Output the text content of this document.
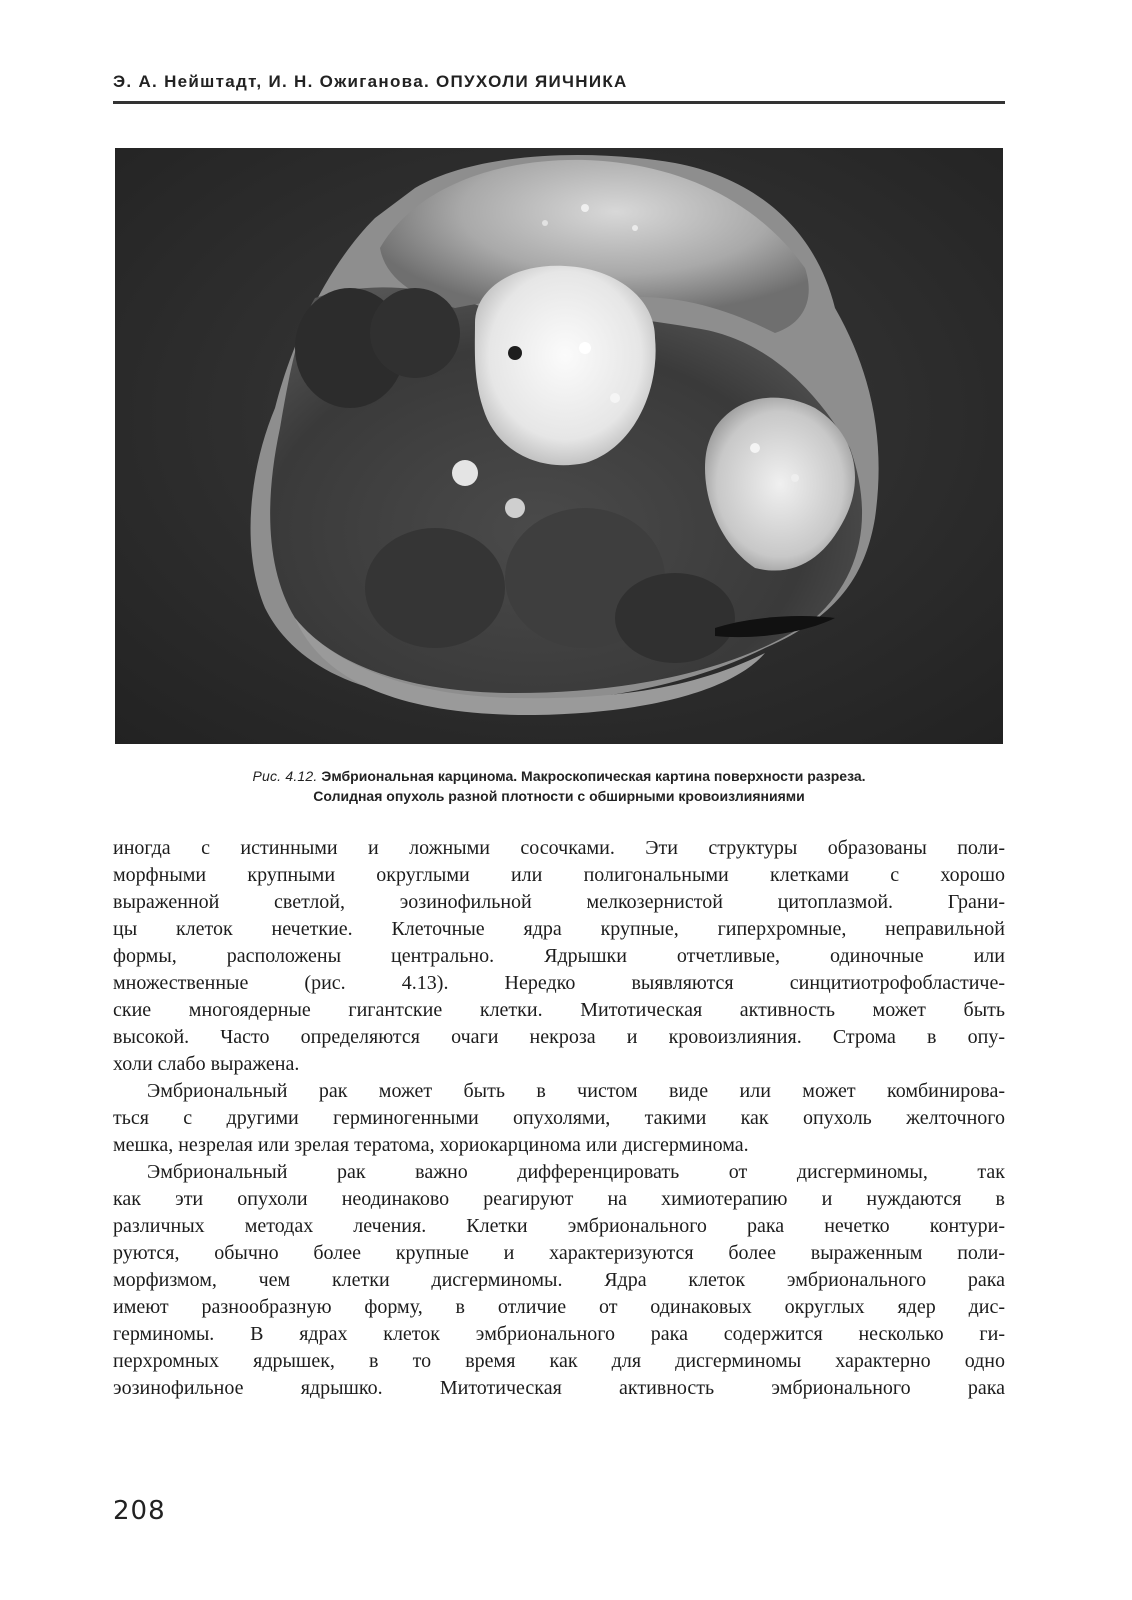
Э. А. Нейштадт, И. Н. Ожиганова. ОПУХОЛИ ЯИЧНИКА
Рис. 4.12. Эмбриональная карцинома. Макроскопическая картина поверхности разреза.
Солидная опухоль разной плотности с обширными кровоизлияниями
иногда с истинными и ложными сосочками. Эти структуры образованы поли-
морфными крупными округлыми или полигональными клетками с хорошо
выраженной светлой, эозинофильной мелкозернистой цитоплазмой. Грани-
цы клеток нечеткие. Клеточные ядра крупные, гиперхромные, неправильной
формы, расположены центрально. Ядрышки отчетливые, одиночные или
множественные (рис. 4.13). Нередко выявляются синцитиотрофобластиче-
ские многоядерные гигантские клетки. Митотическая активность может быть
высокой. Часто определяются очаги некроза и кровоизлияния. Строма в опу-
холи слабо выражена.
Эмбриональный рак может быть в чистом виде или может комбинирова-
ться с другими герминогенными опухолями, такими как опухоль желточного
мешка, незрелая или зрелая тератома, хориокарцинома или дисгерминома.
Эмбриональный рак важно дифференцировать от дисгерминомы, так
как эти опухоли неодинаково реагируют на химиотерапию и нуждаются в
различных методах лечения. Клетки эмбрионального рака нечетко контури-
руются, обычно более крупные и характеризуются более выраженным поли-
морфизмом, чем клетки дисгерминомы. Ядра клеток эмбрионального рака
имеют разнообразную форму, в отличие от одинаковых округлых ядер дис-
герминомы. В ядрах клеток эмбрионального рака содержится несколько ги-
перхромных ядрышек, в то время как для дисгерминомы характерно одно
эозинофильное ядрышко. Митотическая активность эмбрионального рака
208
